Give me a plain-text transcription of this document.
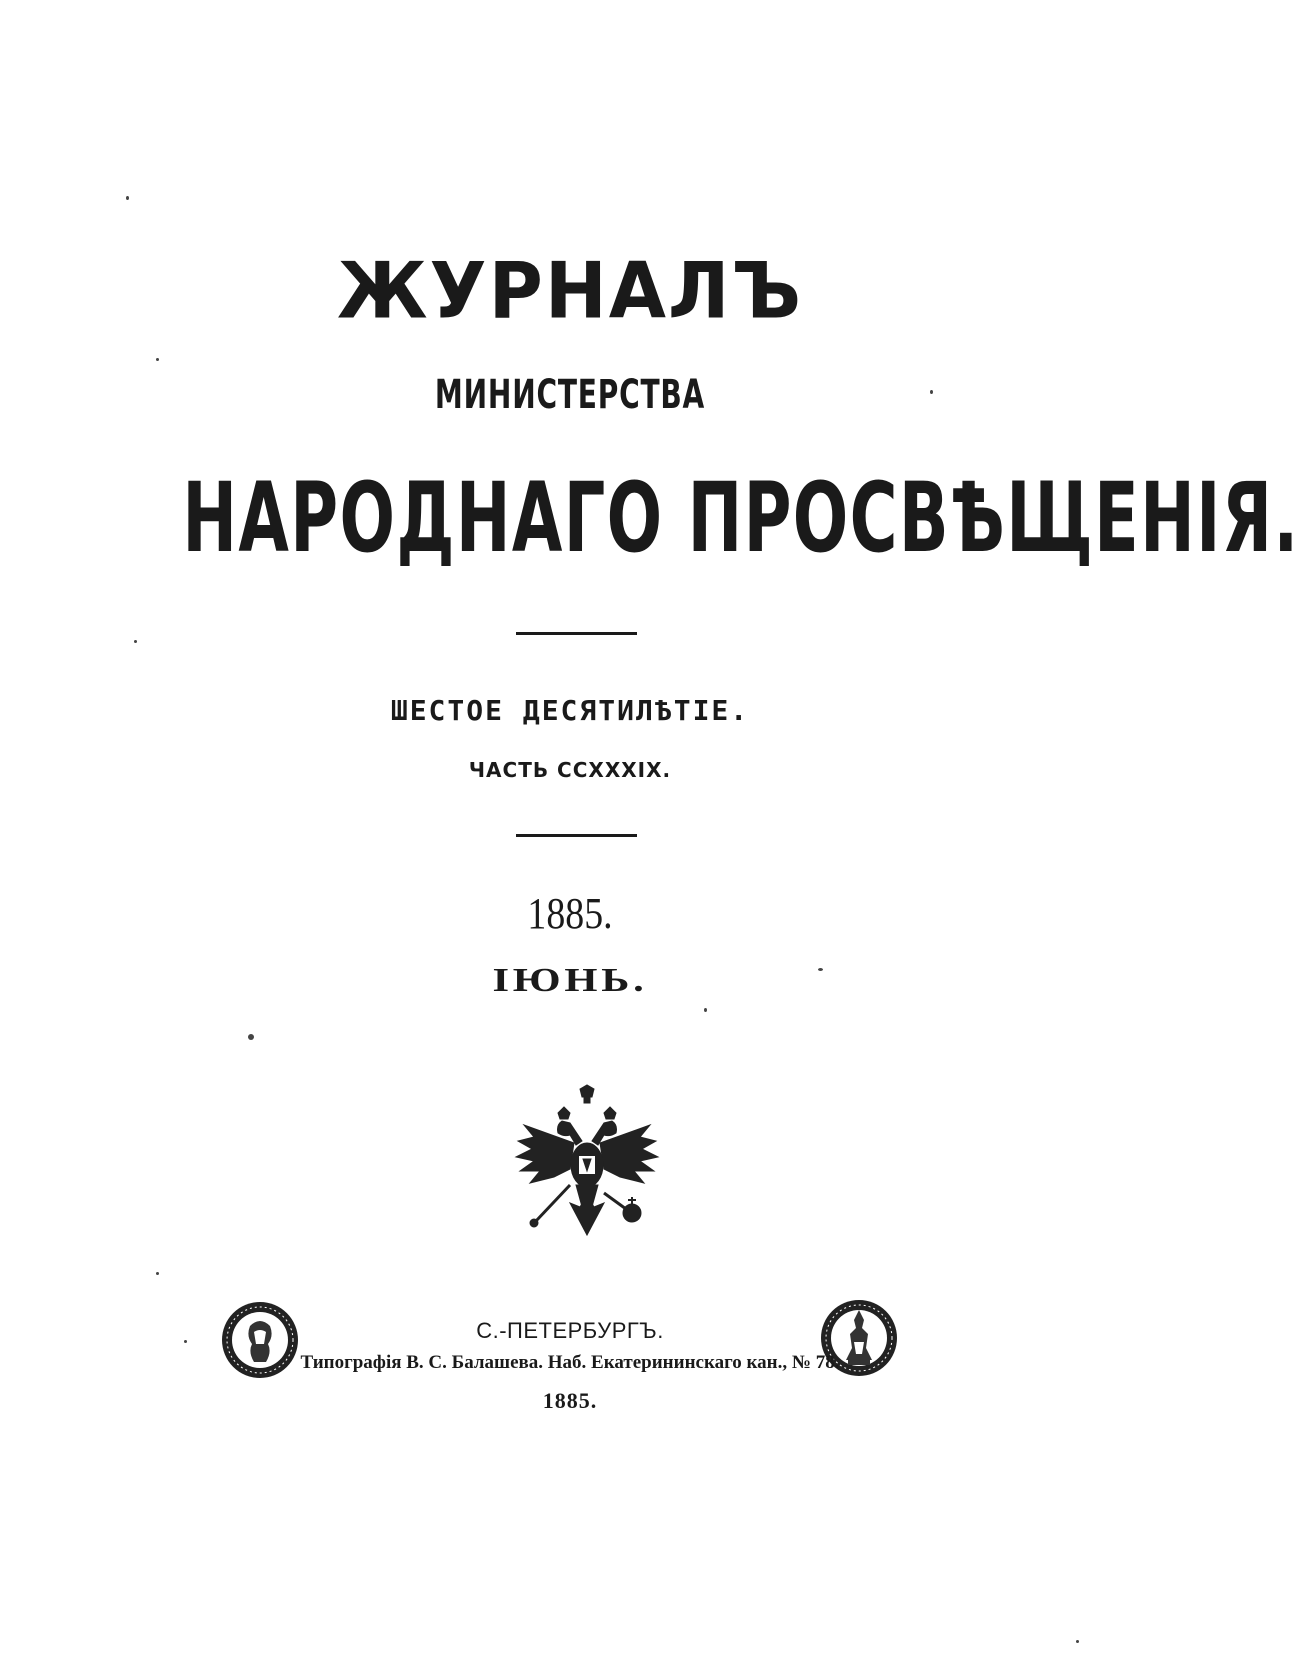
ЖУРНАЛЪ
МИНИСТЕРСТВА
НАРОДНАГО ПРОСВѢЩЕНІЯ.
ШЕСТОЕ ДЕСЯТИЛѢТІЕ.
ЧАСТЬ CCXXXIX.
1885.
ІЮНЬ.
С.-ПЕТЕРБУРГЪ.
Типографія В. С. Балашева. Наб. Екатерининскаго кан., № 78.
1885.
